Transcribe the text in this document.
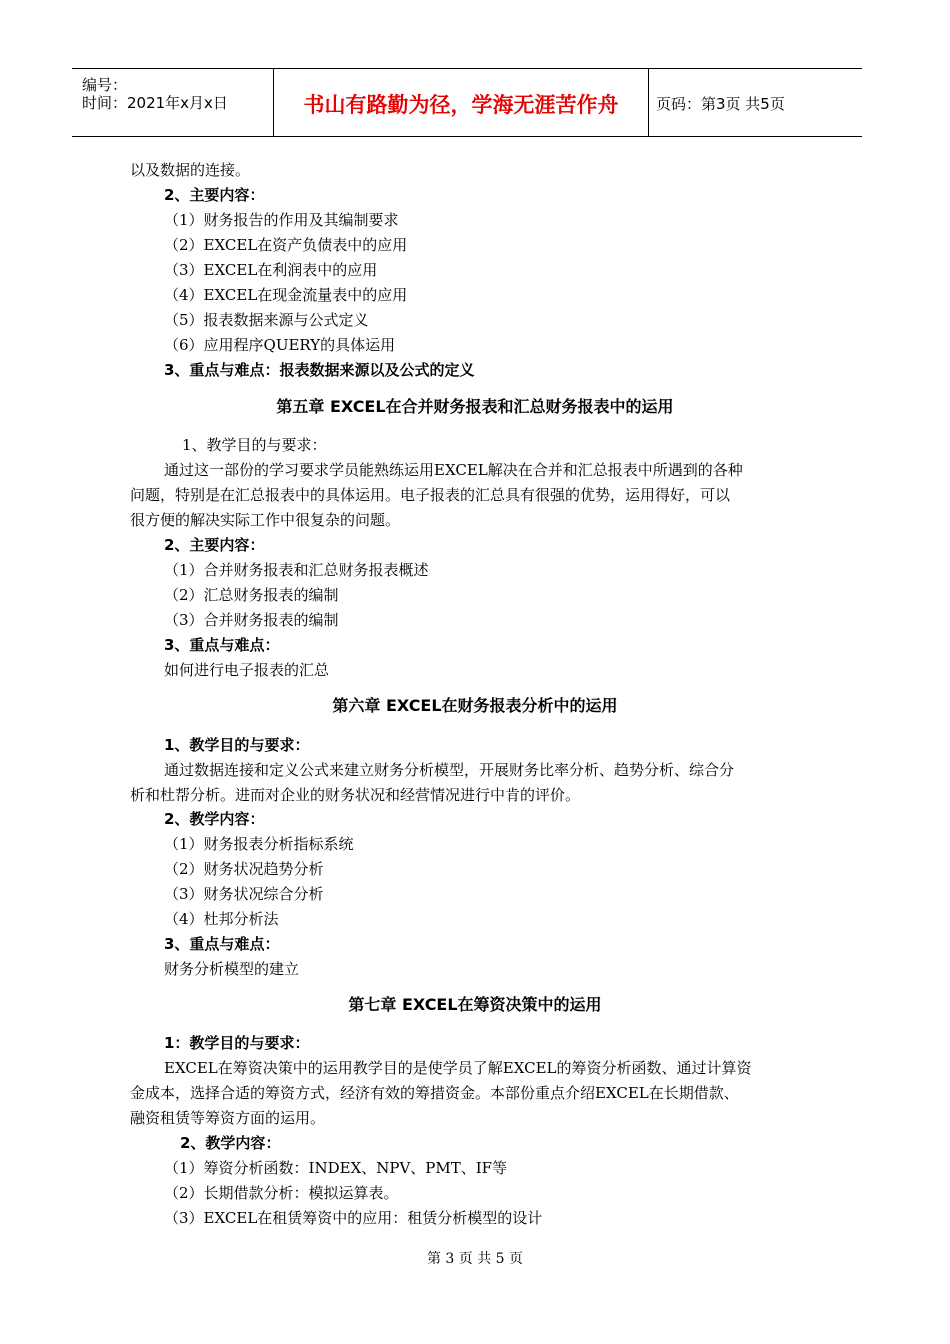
编号：
时间：2021年x月x日	书山有路勤为径，学海无涯苦作舟	页码：第3页 共5页
以及数据的连接。
2、主要内容：
（1）财务报告的作用及其编制要求
（2）EXCEL在资产负债表中的应用
（3）EXCEL在利润表中的应用
（4）EXCEL在现金流量表中的应用
（5）报表数据来源与公式定义
（6）应用程序QUERY的具体运用
3、重点与难点：报表数据来源以及公式的定义
第五章 EXCEL在合并财务报表和汇总财务报表中的运用
1、教学目的与要求：
通过这一部份的学习要求学员能熟练运用EXCEL解决在合并和汇总报表中所遇到的各种
问题，特别是在汇总报表中的具体运用。电子报表的汇总具有很强的优势，运用得好，可以
很方便的解决实际工作中很复杂的问题。
2、主要内容：
（1）合并财务报表和汇总财务报表概述
（2）汇总财务报表的编制
（3）合并财务报表的编制
3、重点与难点：
如何进行电子报表的汇总
第六章 EXCEL在财务报表分析中的运用
1、教学目的与要求：
通过数据连接和定义公式来建立财务分析模型，开展财务比率分析、趋势分析、综合分
析和杜帮分析。进而对企业的财务状况和经营情况进行中肯的评价。
2、教学内容：
（1）财务报表分析指标系统
（2）财务状况趋势分析
（3）财务状况综合分析
（4）杜邦分析法
3、重点与难点：
财务分析模型的建立
第七章 EXCEL在筹资决策中的运用
1：教学目的与要求：
EXCEL在筹资决策中的运用教学目的是使学员了解EXCEL的筹资分析函数、通过计算资
金成本，选择合适的筹资方式，经济有效的筹措资金。本部份重点介绍EXCEL在长期借款、
融资租赁等筹资方面的运用。
2、教学内容：
（1）筹资分析函数：INDEX、NPV、PMT、IF等
（2）长期借款分析：模拟运算表。
（3）EXCEL在租赁筹资中的应用：租赁分析模型的设计
第 3 页 共 5 页
